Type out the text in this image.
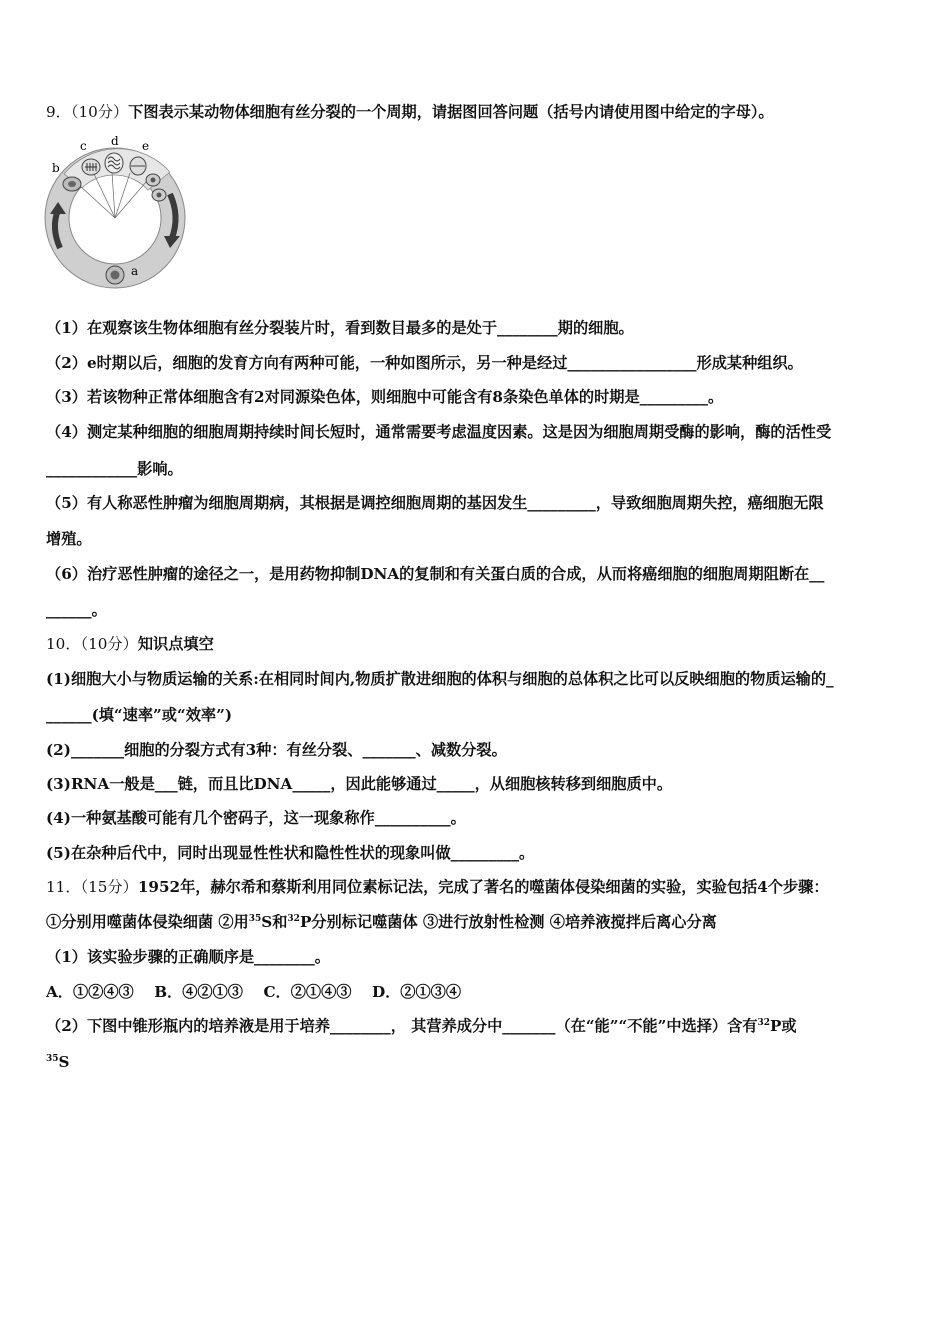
9．（10分）下图表示某动物体细胞有丝分裂的一个周期，请据图回答问题（括号内请使用图中给定的字母）。
b
c d e
a
（1）在观察该生物体细胞有丝分裂装片时，看到数目最多的是处于________期的细胞。
（2）e时期以后，细胞的发育方向有两种可能，一种如图所示，另一种是经过_________________形成某种组织。
（3）若该物种正常体细胞含有2对同源染色体，则细胞中可能含有8条染色单体的时期是_________。
（4）测定某种细胞的细胞周期持续时间长短时，通常需要考虑温度因素。这是因为细胞周期受酶的影响，酶的活性受
____________影响。
（5）有人称恶性肿瘤为细胞周期病，其根据是调控细胞周期的基因发生_________，导致细胞周期失控，癌细胞无限
增殖。
（6）治疗恶性肿瘤的途径之一，是用药物抑制DNA的复制和有关蛋白质的合成，从而将癌细胞的细胞周期阻断在__
______。
10．（10分）知识点填空
(1)细胞大小与物质运输的关系:在相同时间内,物质扩散进细胞的体积与细胞的总体积之比可以反映细胞的物质运输的_
______(填“速率”或“效率”)
(2)_______细胞的分裂方式有3种：有丝分裂、_______、减数分裂。
(3)RNA一般是___链，而且比DNA_____，因此能够通过_____，从细胞核转移到细胞质中。
(4)一种氨基酸可能有几个密码子，这一现象称作__________。
(5)在杂种后代中，同时出现显性性状和隐性性状的现象叫做_________。
11．（15分）1952年，赫尔希和蔡斯利用同位素标记法，完成了著名的噬菌体侵染细菌的实验，实验包括4个步骤：
①分别用噬菌体侵染细菌 ②用$^{35}$S和$^{32}$P分别标记噬菌体 ③进行放射性检测 ④培养液搅拌后离心分离
（1）该实验步骤的正确顺序是________。
A．①②④③　 B．④②①③　 C．②①④③　 D．②①③④
（2）下图中锥形瓶内的培养液是用于培养________， 其营养成分中_______（在“能”“不能”中选择）含有$^{32}$P或
$^{35}$S
